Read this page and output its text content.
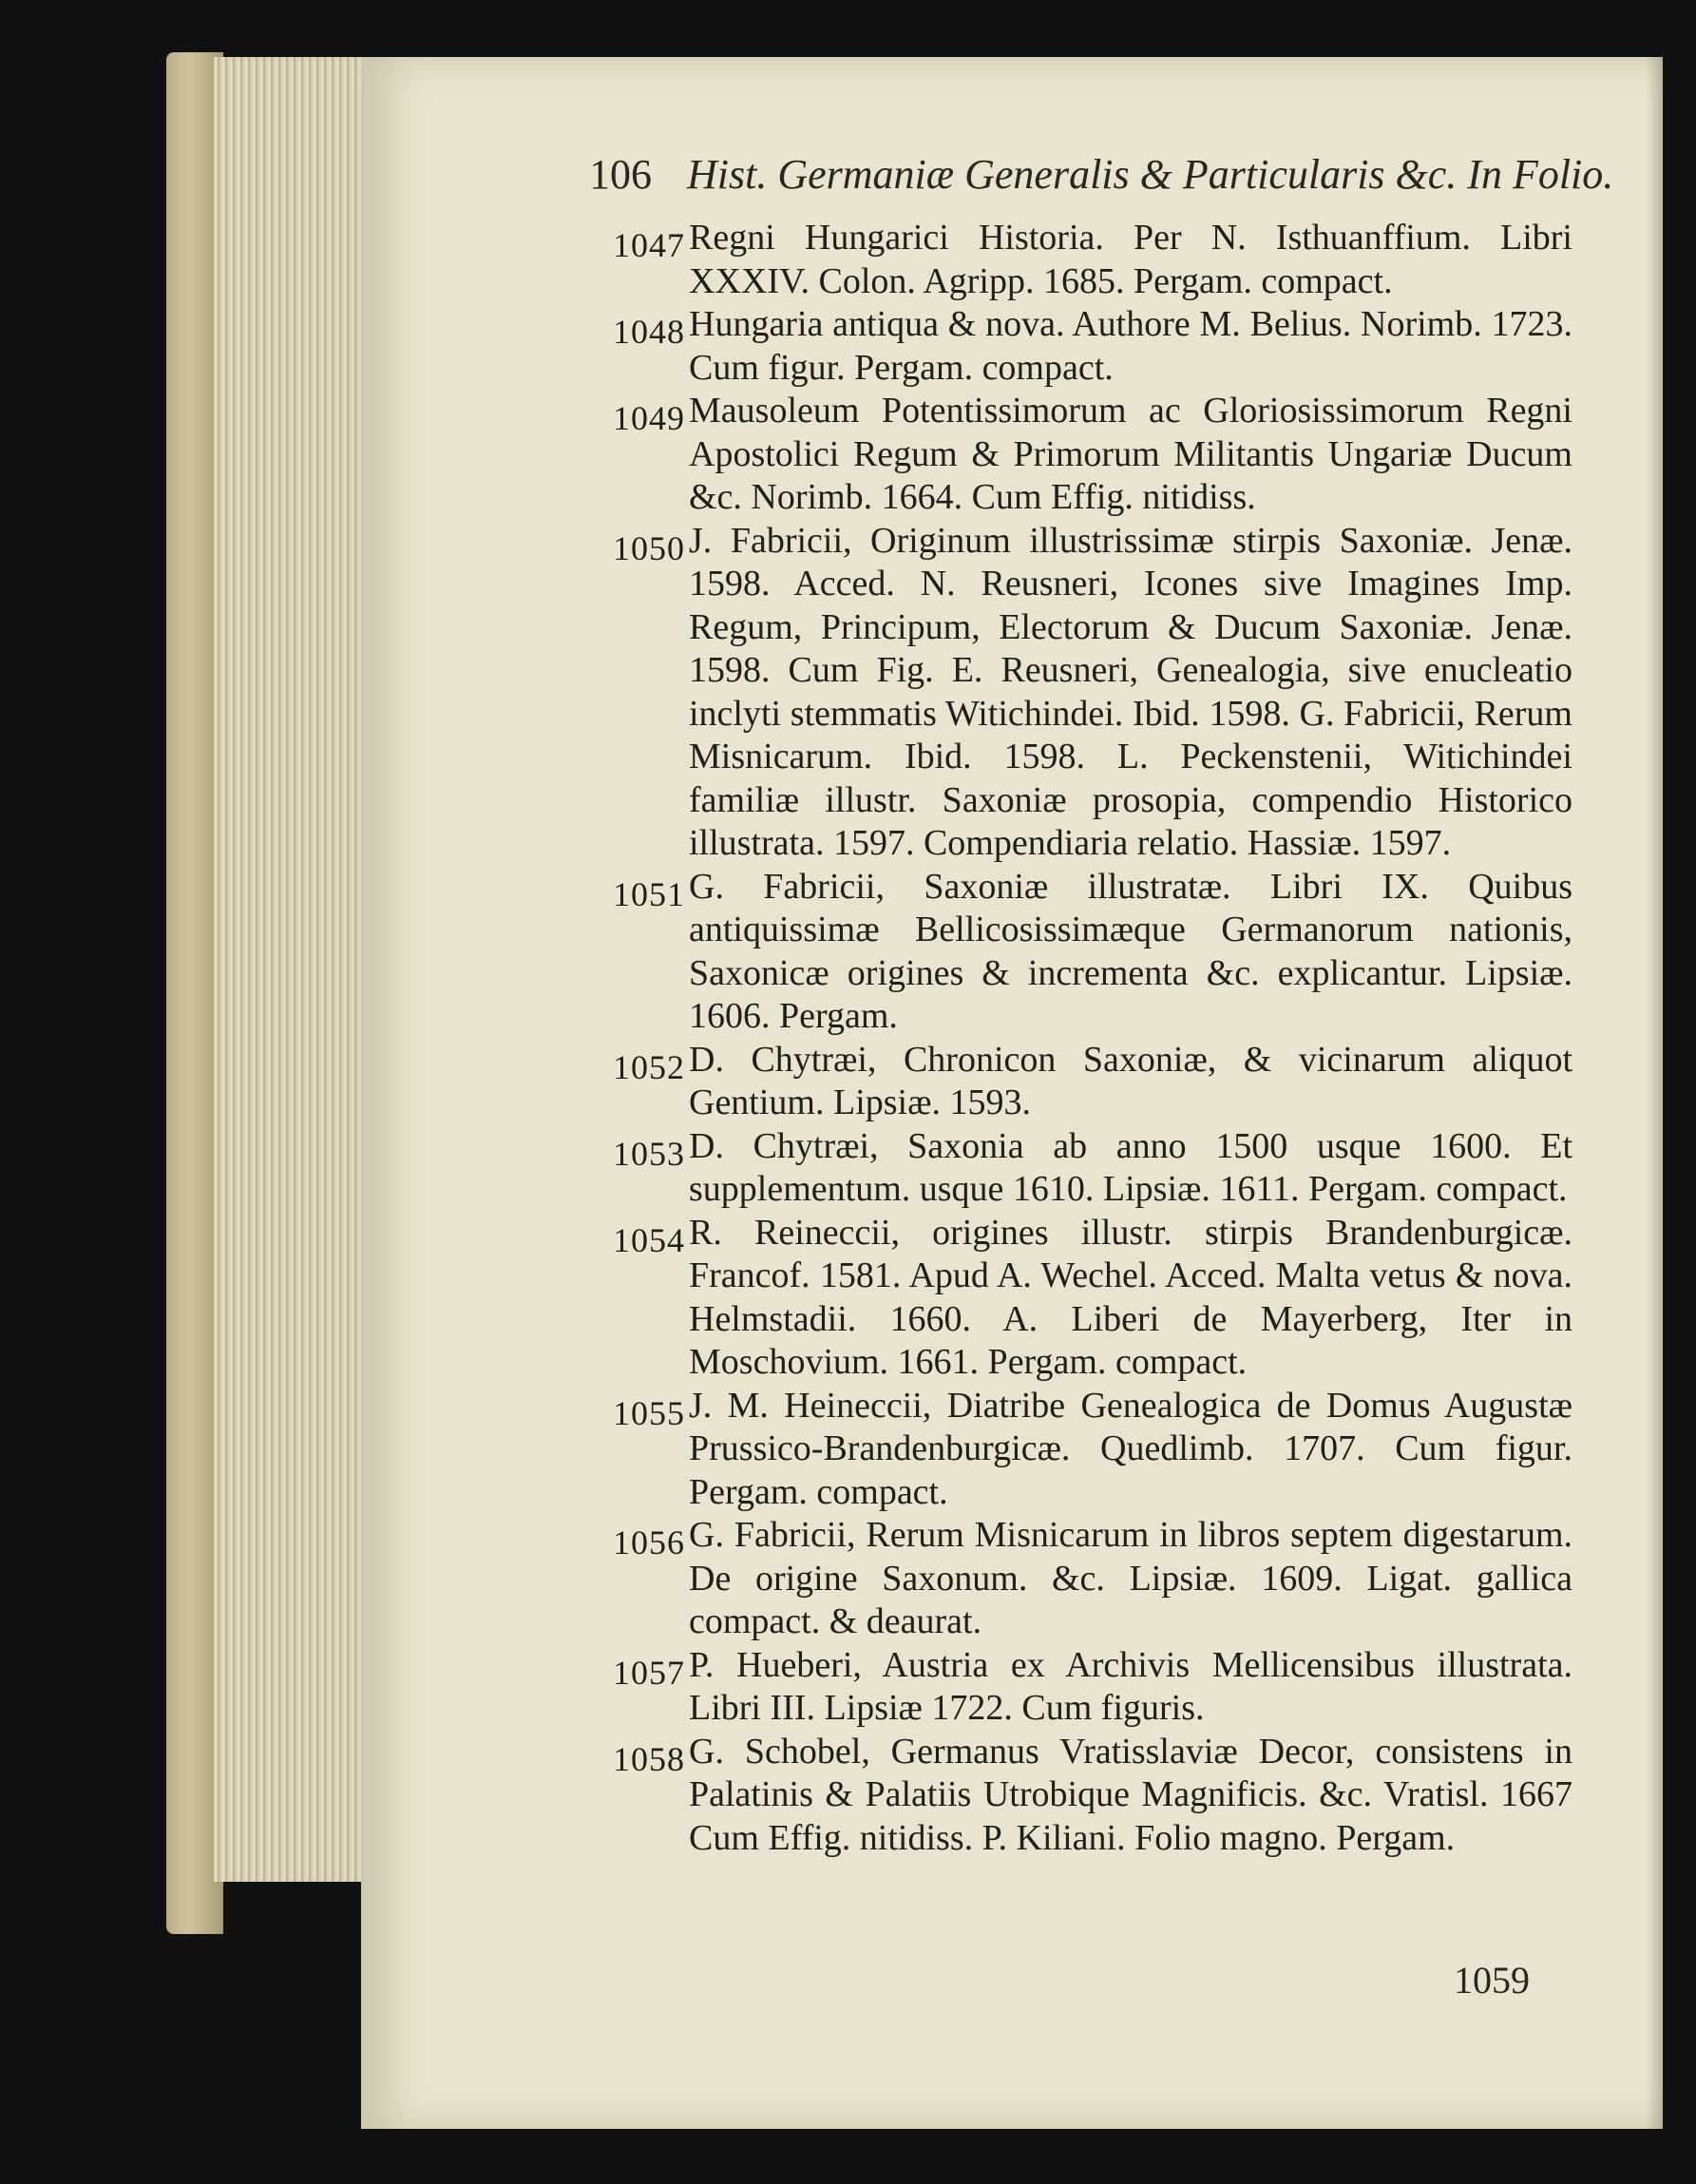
106 Hist. Germaniæ Generalis & Particularis &c. In Folio.
1047 Regni Hungarici Historia. Per N. Isthuanffium. Libri XXXIV. Colon. Agripp. 1685. Pergam. compact.
1048 Hungaria antiqua & nova. Authore M. Belius. Norimb. 1723. Cum figur. Pergam. compact.
1049 Mausoleum Potentissimorum ac Gloriosissimorum Regni Apostolici Regum & Primorum Militantis Ungariæ Ducum &c. Norimb. 1664. Cum Effig. nitidiss.
1050 J. Fabricii, Originum illustrissimæ stirpis Saxoniæ. Jenæ. 1598. Acced. N. Reusneri, Icones sive Imagines Imp. Regum, Principum, Electorum & Ducum Saxoniæ. Jenæ. 1598. Cum Fig. E. Reusneri, Genealogia, sive enucleatio inclyti stemmatis Witichindei. Ibid. 1598. G. Fabricii, Rerum Misnicarum. Ibid. 1598. L. Peckenstenii, Witichindei familiæ illustr. Saxoniæ prosopia, compendio Historico illustrata. 1597. Compendiaria relatio. Hassiæ. 1597.
1051 G. Fabricii, Saxoniæ illustratæ. Libri IX. Quibus antiquissimæ Bellicosissimæque Germanorum nationis, Saxonicæ origines & incrementa &c. explicantur. Lipsiæ. 1606. Pergam.
1052 D. Chytræi, Chronicon Saxoniæ, & vicinarum aliquot Gentium. Lipsiæ. 1593.
1053 D. Chytræi, Saxonia ab anno 1500 usque 1600. Et supplementum. usque 1610. Lipsiæ. 1611. Pergam. compact.
1054 R. Reineccii, origines illustr. stirpis Brandenburgicæ. Francof. 1581. Apud A. Wechel. Acced. Malta vetus & nova. Helmstadii. 1660. A. Liberi de Mayerberg, Iter in Moschovium. 1661. Pergam. compact.
1055 J. M. Heineccii, Diatribe Genealogica de Domus Augustæ Prussico-Brandenburgicæ. Quedlimb. 1707. Cum figur. Pergam. compact.
1056 G. Fabricii, Rerum Misnicarum in libros septem digestarum. De origine Saxonum. &c. Lipsiæ. 1609. Ligat. gallica compact. & deaurat.
1057 P. Hueberi, Austria ex Archivis Mellicensibus illustrata. Libri III. Lipsiæ 1722. Cum figuris.
1058 G. Schobel, Germanus Vratisslaviæ Decor, consistens in Palatinis & Palatiis Utrobique Magnificis. &c. Vratisl. 1667 Cum Effig. nitidiss. P. Kiliani. Folio magno. Pergam.
1059
